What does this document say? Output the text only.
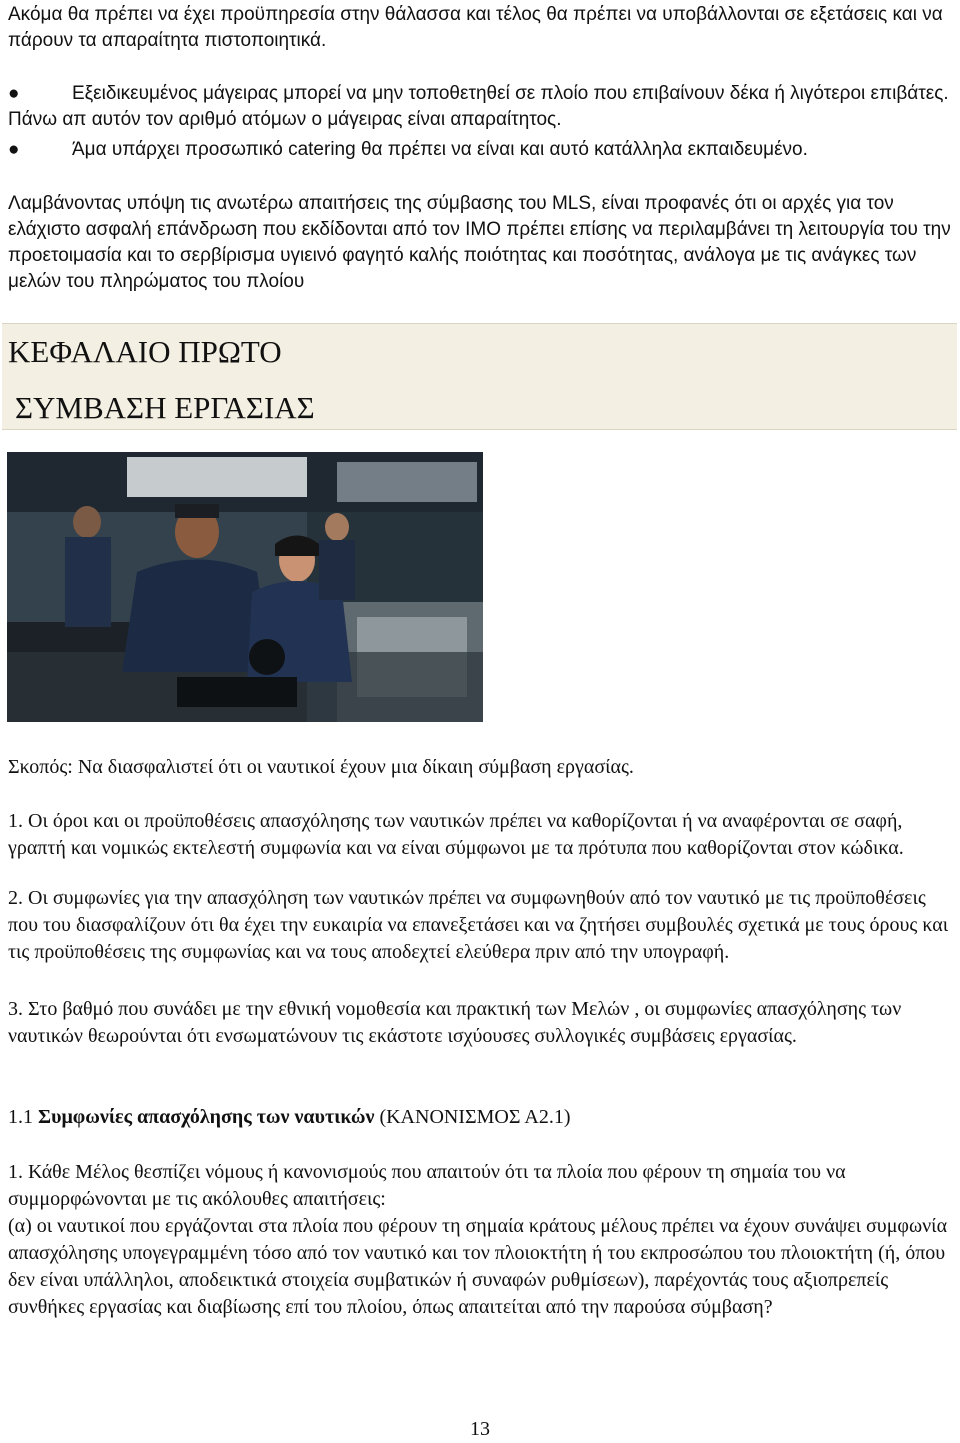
Ακόμα θα πρέπει να έχει προϋπηρεσία στην θάλασσα και τέλος θα πρέπει να υποβάλλονται σε εξετάσεις και να πάρουν τα απαραίτητα πιστοποιητικά.

●	Εξειδικευμένος μάγειρας μπορεί να μην τοποθετηθεί σε πλοίο που επιβαίνουν δέκα ή λιγότεροι επιβάτες. Πάνω απ αυτόν τον αριθμό ατόμων ο μάγειρας είναι απαραίτητος.

●	Άμα υπάρχει προσωπικό catering θα πρέπει να είναι και αυτό κατάλληλα εκπαιδευμένο.

Λαμβάνοντας υπόψη τις ανωτέρω απαιτήσεις της σύμβασης του MLS, είναι προφανές ότι οι αρχές για τον ελάχιστο ασφαλή επάνδρωση που εκδίδονται από τον IMO πρέπει επίσης να περιλαμβάνει τη λειτουργία του την προετοιμασία και το σερβίρισμα υγιεινό φαγητό καλής ποιότητας και ποσότητας, ανάλογα με τις ανάγκες των μελών του πληρώματος του πλοίου

ΚΕΦΑΛΑΙΟ ΠΡΩΤΟ
ΣΥΜΒΑΣΗ ΕΡΓΑΣΙΑΣ

Σκοπός: Να διασφαλιστεί ότι οι ναυτικοί έχουν μια δίκαιη σύμβαση εργασίας.

1. Οι όροι και οι προϋποθέσεις απασχόλησης των ναυτικών πρέπει να καθορίζονται ή να αναφέρονται σε σαφή, γραπτή και νομικώς εκτελεστή συμφωνία και να είναι σύμφωνοι με τα πρότυπα που καθορίζονται στον κώδικα.

2. Οι συμφωνίες για την απασχόληση των ναυτικών πρέπει να συμφωνηθούν από τον ναυτικό με τις προϋποθέσεις που του διασφαλίζουν ότι θα έχει την ευκαιρία να επανεξετάσει και να ζητήσει συμβουλές σχετικά με τους όρους και τις προϋποθέσεις της συμφωνίας και να τους αποδεχτεί ελεύθερα πριν από την υπογραφή.

3. Στο βαθμό που συνάδει με την εθνική νομοθεσία και πρακτική των Μελών , οι συμφωνίες απασχόλησης των ναυτικών θεωρούνται ότι ενσωματώνουν τις εκάστοτε ισχύουσες συλλογικές συμβάσεις εργασίας.

1.1 Συμφωνίες απασχόλησης των ναυτικών (ΚΑΝΟΝΙΣΜΟΣ Α2.1)

1. Κάθε Μέλος θεσπίζει νόμους ή κανονισμούς που απαιτούν ότι τα πλοία που φέρουν τη σημαία του να συμμορφώνονται με τις ακόλουθες απαιτήσεις:

(α) οι ναυτικοί που εργάζονται στα πλοία που φέρουν τη σημαία κράτους μέλους πρέπει να έχουν συνάψει συμφωνία απασχόλησης υπογεγραμμένη τόσο από τον ναυτικό και τον πλοιοκτήτη ή του εκπροσώπου του πλοιοκτήτη (ή, όπου δεν είναι υπάλληλοι, αποδεικτικά στοιχεία συμβατικών ή συναφών ρυθμίσεων), παρέχοντάς τους αξιοπρεπείς συνθήκες εργασίας και διαβίωσης επί του πλοίου, όπως απαιτείται από την παρούσα σύμβαση?

13
